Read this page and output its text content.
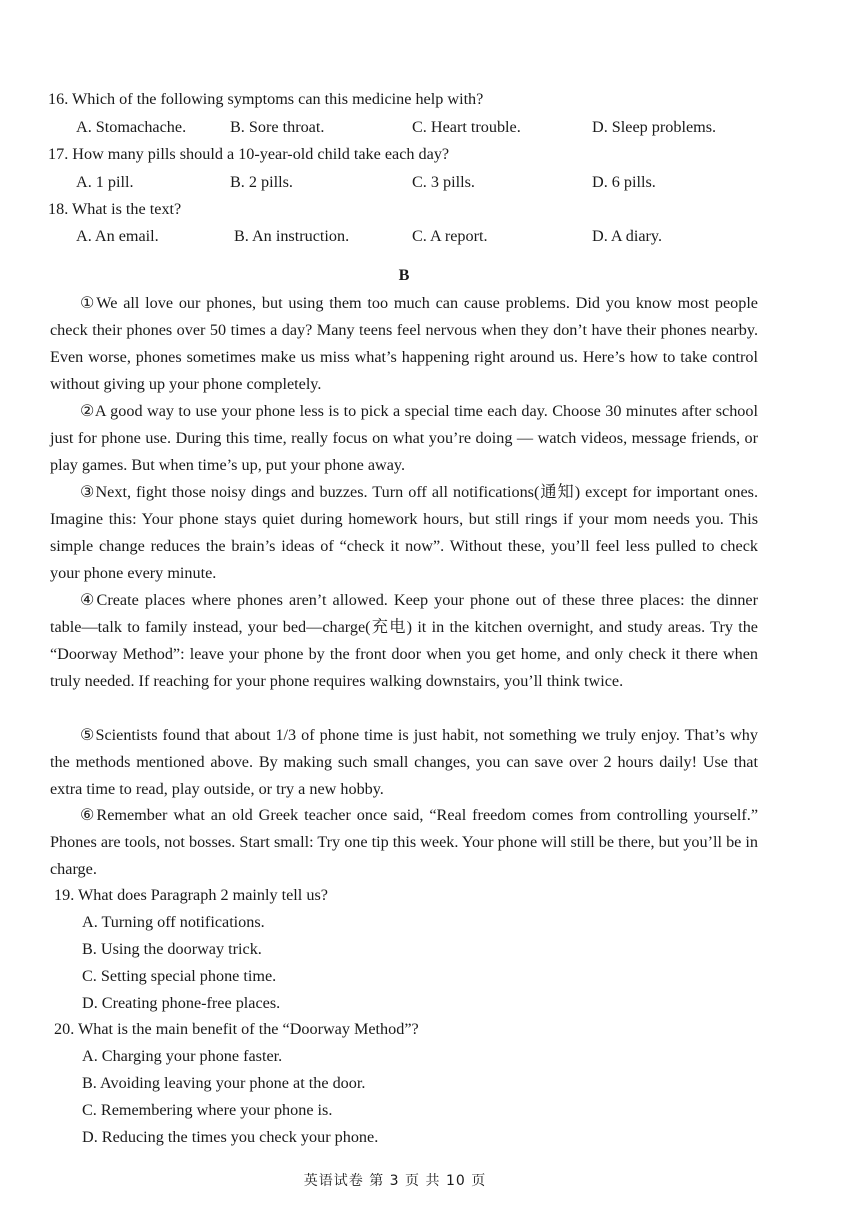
16. Which of the following symptoms can this medicine help with?
A. Stomachache.	B. Sore throat.	C. Heart trouble.	D. Sleep problems.
17. How many pills should a 10-year-old child take each day?
A. 1 pill.	B. 2 pills.	C. 3 pills.	D. 6 pills.
18. What is the text?
A. An email.	B. An instruction.	C. A report.	D. A diary.
B

①We all love our phones, but using them too much can cause problems. Did you know most people check their phones over 50 times a day? Many teens feel nervous when they don’t have their phones nearby. Even worse, phones sometimes make us miss what’s happening right around us. Here’s how to take control without giving up your phone completely.

②A good way to use your phone less is to pick a special time each day. Choose 30 minutes after school just for phone use. During this time, really focus on what you’re doing — watch videos, message friends, or play games. But when time’s up, put your phone away.

③Next, fight those noisy dings and buzzes. Turn off all notifications(通知) except for important ones. Imagine this: Your phone stays quiet during homework hours, but still rings if your mom needs you. This simple change reduces the brain’s ideas of “check it now”. Without these, you’ll feel less pulled to check your phone every minute.

④Create places where phones aren’t allowed. Keep your phone out of these three places: the dinner table—talk to family instead, your bed—charge(充电) it in the kitchen overnight, and study areas. Try the “Doorway Method”: leave your phone by the front door when you get home, and only check it there when truly needed. If reaching for your phone requires walking downstairs, you’ll think twice.

⑤Scientists found that about 1/3 of phone time is just habit, not something we truly enjoy. That’s why the methods mentioned above. By making such small changes, you can save over 2 hours daily! Use that extra time to read, play outside, or try a new hobby.

⑥Remember what an old Greek teacher once said, “Real freedom comes from controlling yourself.” Phones are tools, not bosses. Start small: Try one tip this week. Your phone will still be there, but you’ll be in charge.

19. What does Paragraph 2 mainly tell us?
A. Turning off notifications.
B. Using the doorway trick.
C. Setting special phone time.
D. Creating phone-free places.
20. What is the main benefit of the “Doorway Method”?
A. Charging your phone faster.
B. Avoiding leaving your phone at the door.
C. Remembering where your phone is.
D. Reducing the times you check your phone.
英语试卷 第 3 页 共 10 页
